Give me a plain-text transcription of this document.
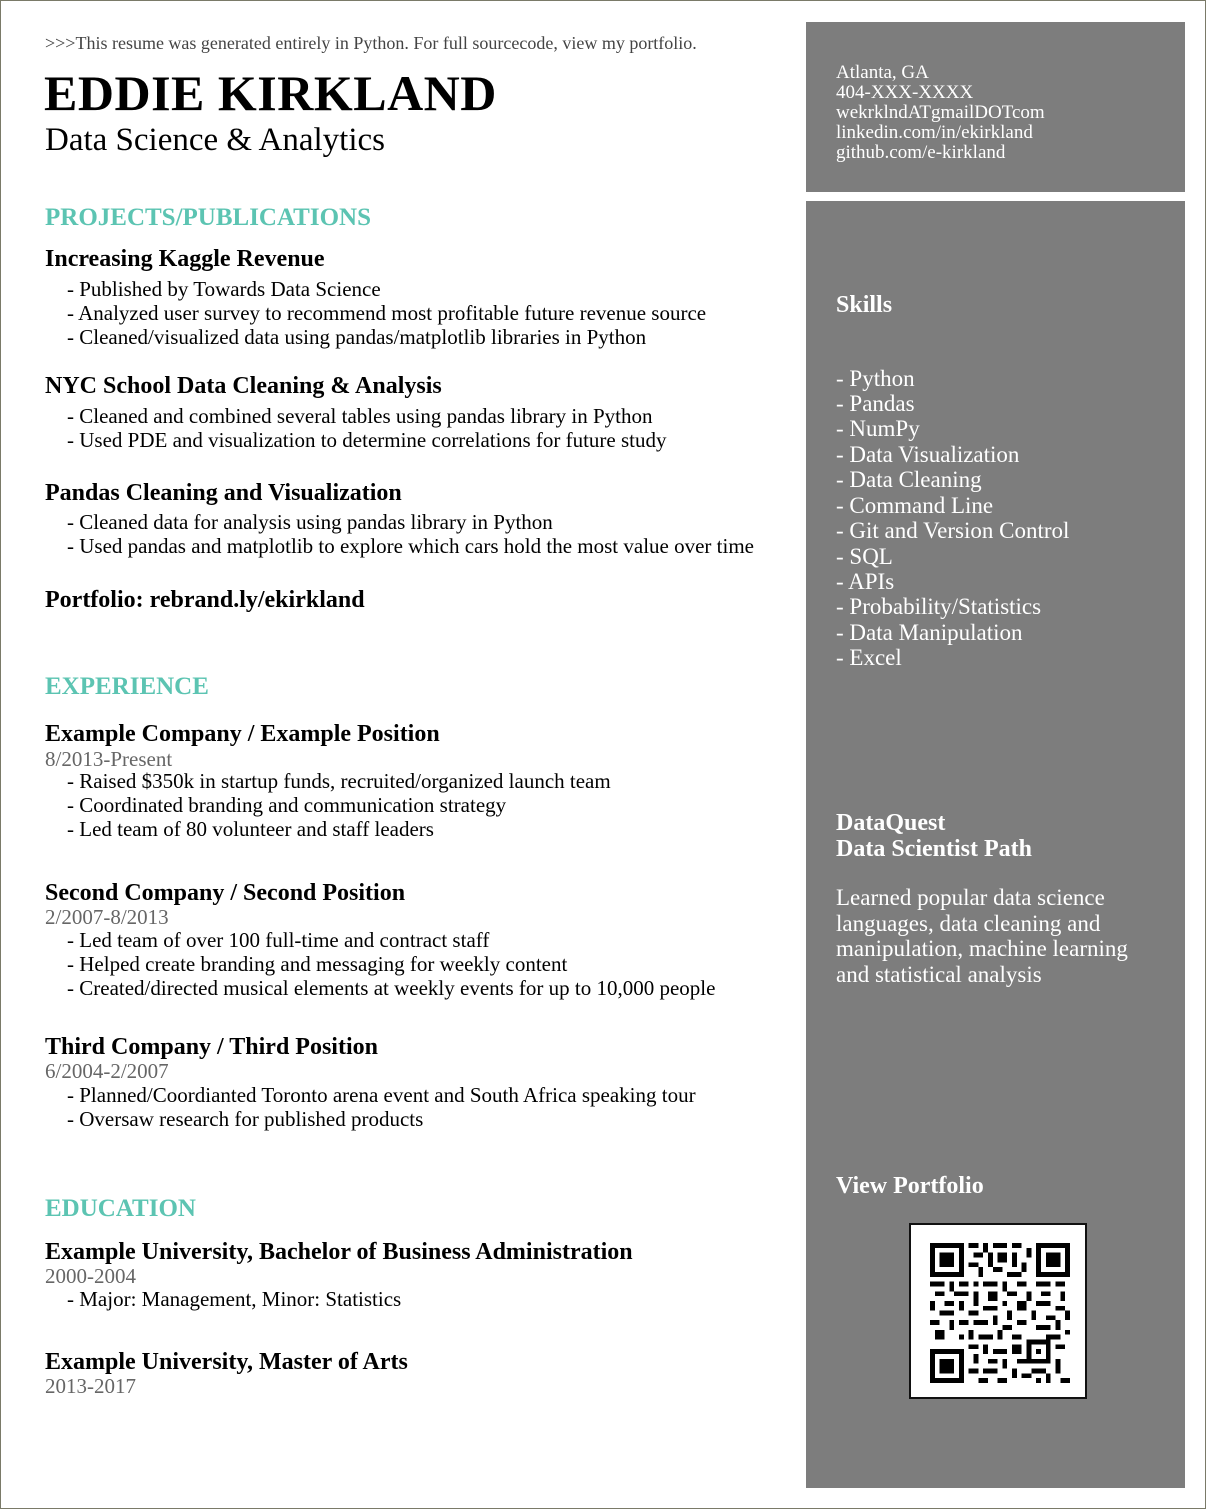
>>>This resume was generated entirely in Python. For full sourcecode, view my portfolio.
EDDIE KIRKLAND
Data Science & Analytics
PROJECTS/PUBLICATIONS
Increasing Kaggle Revenue
- Published by Towards Data Science
- Analyzed user survey to recommend most profitable future revenue source
- Cleaned/visualized data using pandas/matplotlib libraries in Python
NYC School Data Cleaning & Analysis
- Cleaned and combined several tables using pandas library in Python
- Used PDE and visualization to determine correlations for future study
Pandas Cleaning and Visualization
- Cleaned data for analysis using pandas library in Python
- Used pandas and matplotlib to explore which cars hold the most value over time
Portfolio: rebrand.ly/ekirkland
EXPERIENCE
Example Company / Example Position
8/2013-Present
- Raised $350k in startup funds, recruited/organized launch team
- Coordinated branding and communication strategy
- Led team of 80 volunteer and staff leaders
Second Company / Second Position
2/2007-8/2013
- Led team of over 100 full-time and contract staff
- Helped create branding and messaging for weekly content
- Created/directed musical elements at weekly events for up to 10,000 people
Third Company / Third Position
6/2004-2/2007
- Planned/Coordianted Toronto arena event and South Africa speaking tour
- Oversaw research for published products
EDUCATION
Example University, Bachelor of Business Administration
2000-2004
- Major: Management, Minor: Statistics
Example University, Master of Arts
2013-2017
Atlanta, GA
404-XXX-XXXX
wekrklndATgmailDOTcom
linkedin.com/in/ekirkland
github.com/e-kirkland
Skills
- Python
- Pandas
- NumPy
- Data Visualization
- Data Cleaning
- Command Line
- Git and Version Control
- SQL
- APIs
- Probability/Statistics
- Data Manipulation
- Excel
DataQuest
Data Scientist Path
Learned popular data science
languages, data cleaning and
manipulation, machine learning
and statistical analysis
View Portfolio
